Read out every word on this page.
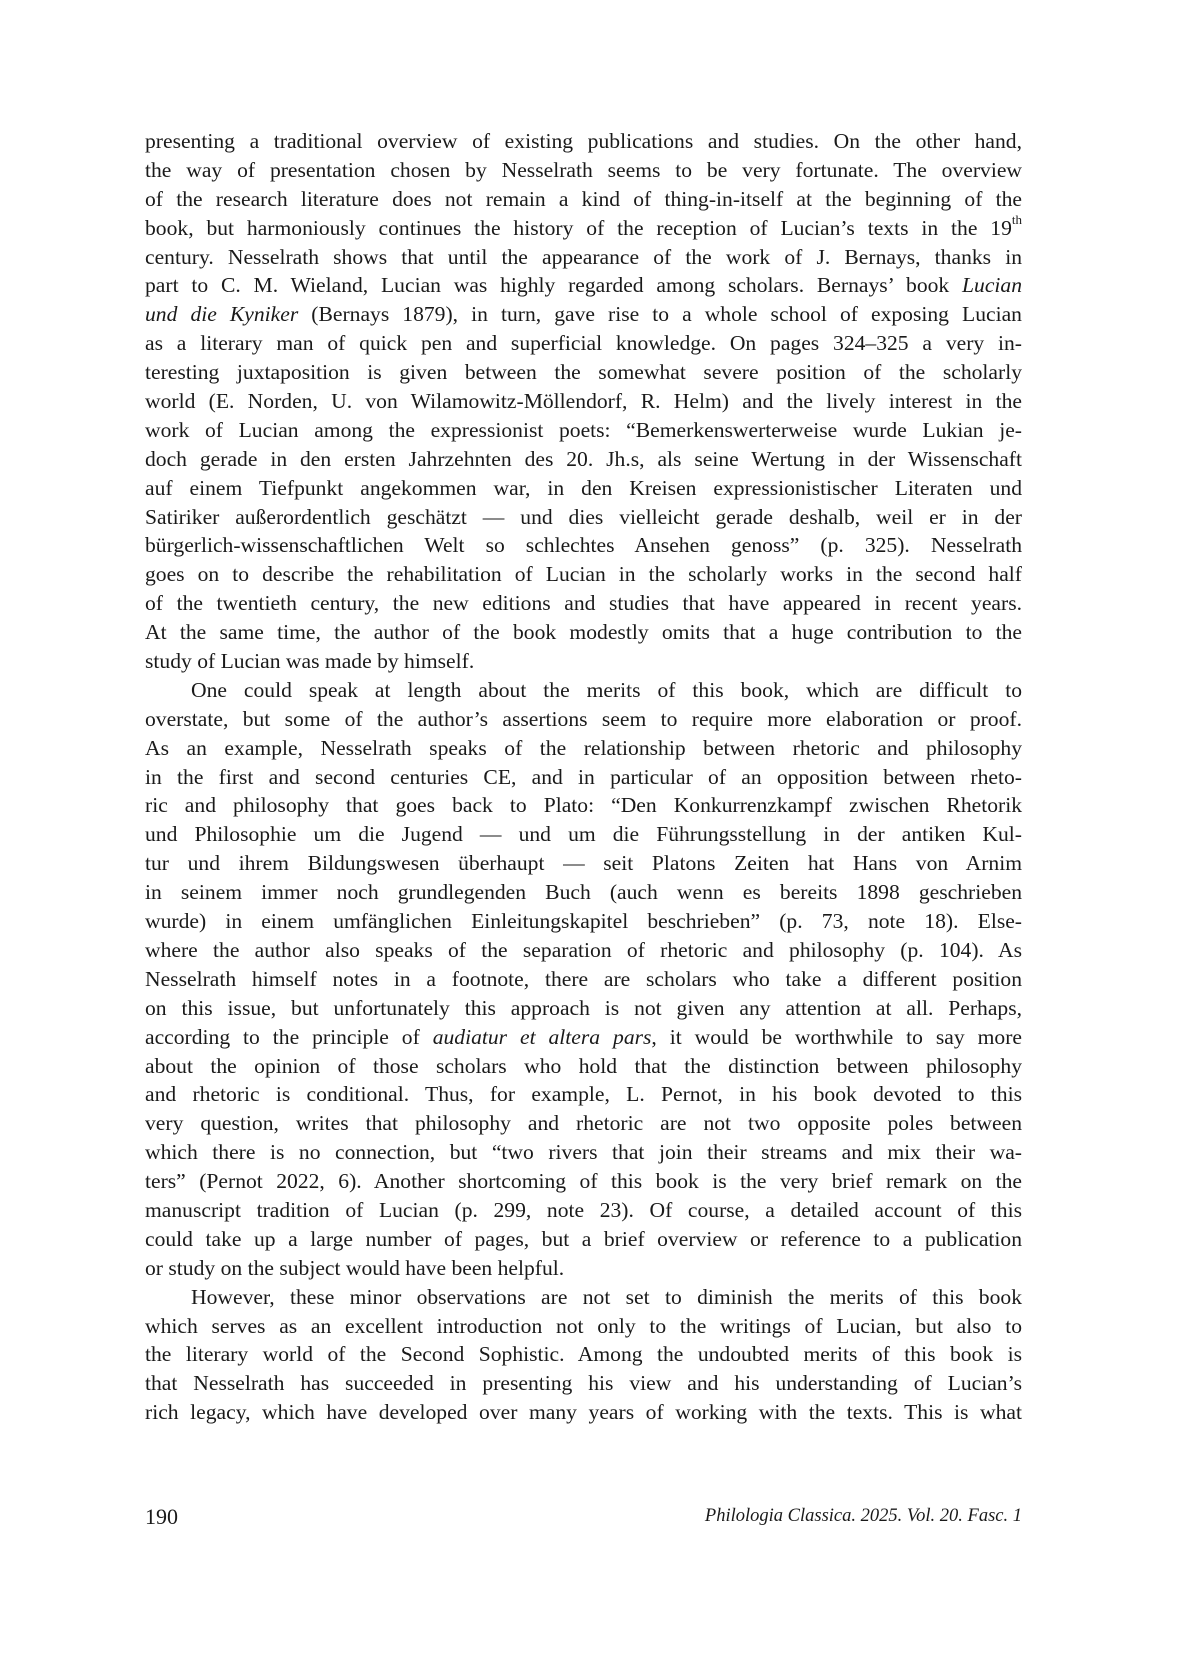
presenting a traditional overview of existing publications and studies. On the other hand,
the way of presentation chosen by Nesselrath seems to be very fortunate. The overview
of the research literature does not remain a kind of thing-in-itself at the beginning of the
book, but harmoniously continues the history of the reception of Lucian’s texts in the 19th
century. Nesselrath shows that until the appearance of the work of J. Bernays, thanks in
part to C. M. Wieland, Lucian was highly regarded among scholars. Bernays’ book Lucian
und die Kyniker (Bernays 1879), in turn, gave rise to a whole school of exposing Lucian
as a literary man of quick pen and superficial knowledge. On pages 324–325 a very in-
teresting juxtaposition is given between the somewhat severe position of the scholarly
world (E. Norden, U. von Wilamowitz-Möllendorf, R. Helm) and the lively interest in the
work of Lucian among the expressionist poets: “Bemerkenswerterweise wurde Lukian je-
doch gerade in den ersten Jahrzehnten des 20. Jh.s, als seine Wertung in der Wissenschaft
auf einem Tiefpunkt angekommen war, in den Kreisen expressionistischer Literaten und
Satiriker außerordentlich geschätzt — und dies vielleicht gerade deshalb, weil er in der
bürgerlich-wissenschaftlichen Welt so schlechtes Ansehen genoss” (p. 325). Nesselrath
goes on to describe the rehabilitation of Lucian in the scholarly works in the second half
of the twentieth century, the new editions and studies that have appeared in recent years.
At the same time, the author of the book modestly omits that a huge contribution to the
study of Lucian was made by himself.
One could speak at length about the merits of this book, which are difficult to
overstate, but some of the author’s assertions seem to require more elaboration or proof.
As an example, Nesselrath speaks of the relationship between rhetoric and philosophy
in the first and second centuries CE, and in particular of an opposition between rheto-
ric and philosophy that goes back to Plato: “Den Konkurrenzkampf zwischen Rhetorik
und Philosophie um die Jugend — und um die Führungsstellung in der antiken Kul-
tur und ihrem Bildungswesen überhaupt — seit Platons Zeiten hat Hans von Arnim
in seinem immer noch grundlegenden Buch (auch wenn es bereits 1898 geschrieben
wurde) in einem umfänglichen Einleitungskapitel beschrieben” (p. 73, note 18). Else-
where the author also speaks of the separation of rhetoric and philosophy (p. 104). As
Nesselrath himself notes in a footnote, there are scholars who take a different position
on this issue, but unfortunately this approach is not given any attention at all. Perhaps,
according to the principle of audiatur et altera pars, it would be worthwhile to say more
about the opinion of those scholars who hold that the distinction between philosophy
and rhetoric is conditional. Thus, for example, L. Pernot, in his book devoted to this
very question, writes that philosophy and rhetoric are not two opposite poles between
which there is no connection, but “two rivers that join their streams and mix their wa-
ters” (Pernot 2022, 6). Another shortcoming of this book is the very brief remark on the
manuscript tradition of Lucian (p. 299, note 23). Of course, a detailed account of this
could take up a large number of pages, but a brief overview or reference to a publication
or study on the subject would have been helpful.
However, these minor observations are not set to diminish the merits of this book
which serves as an excellent introduction not only to the writings of Lucian, but also to
the literary world of the Second Sophistic. Among the undoubted merits of this book is
that Nesselrath has succeeded in presenting his view and his understanding of Lucian’s
rich legacy, which have developed over many years of working with the texts. This is what
190	Philologia Classica. 2025. Vol. 20. Fasc. 1
